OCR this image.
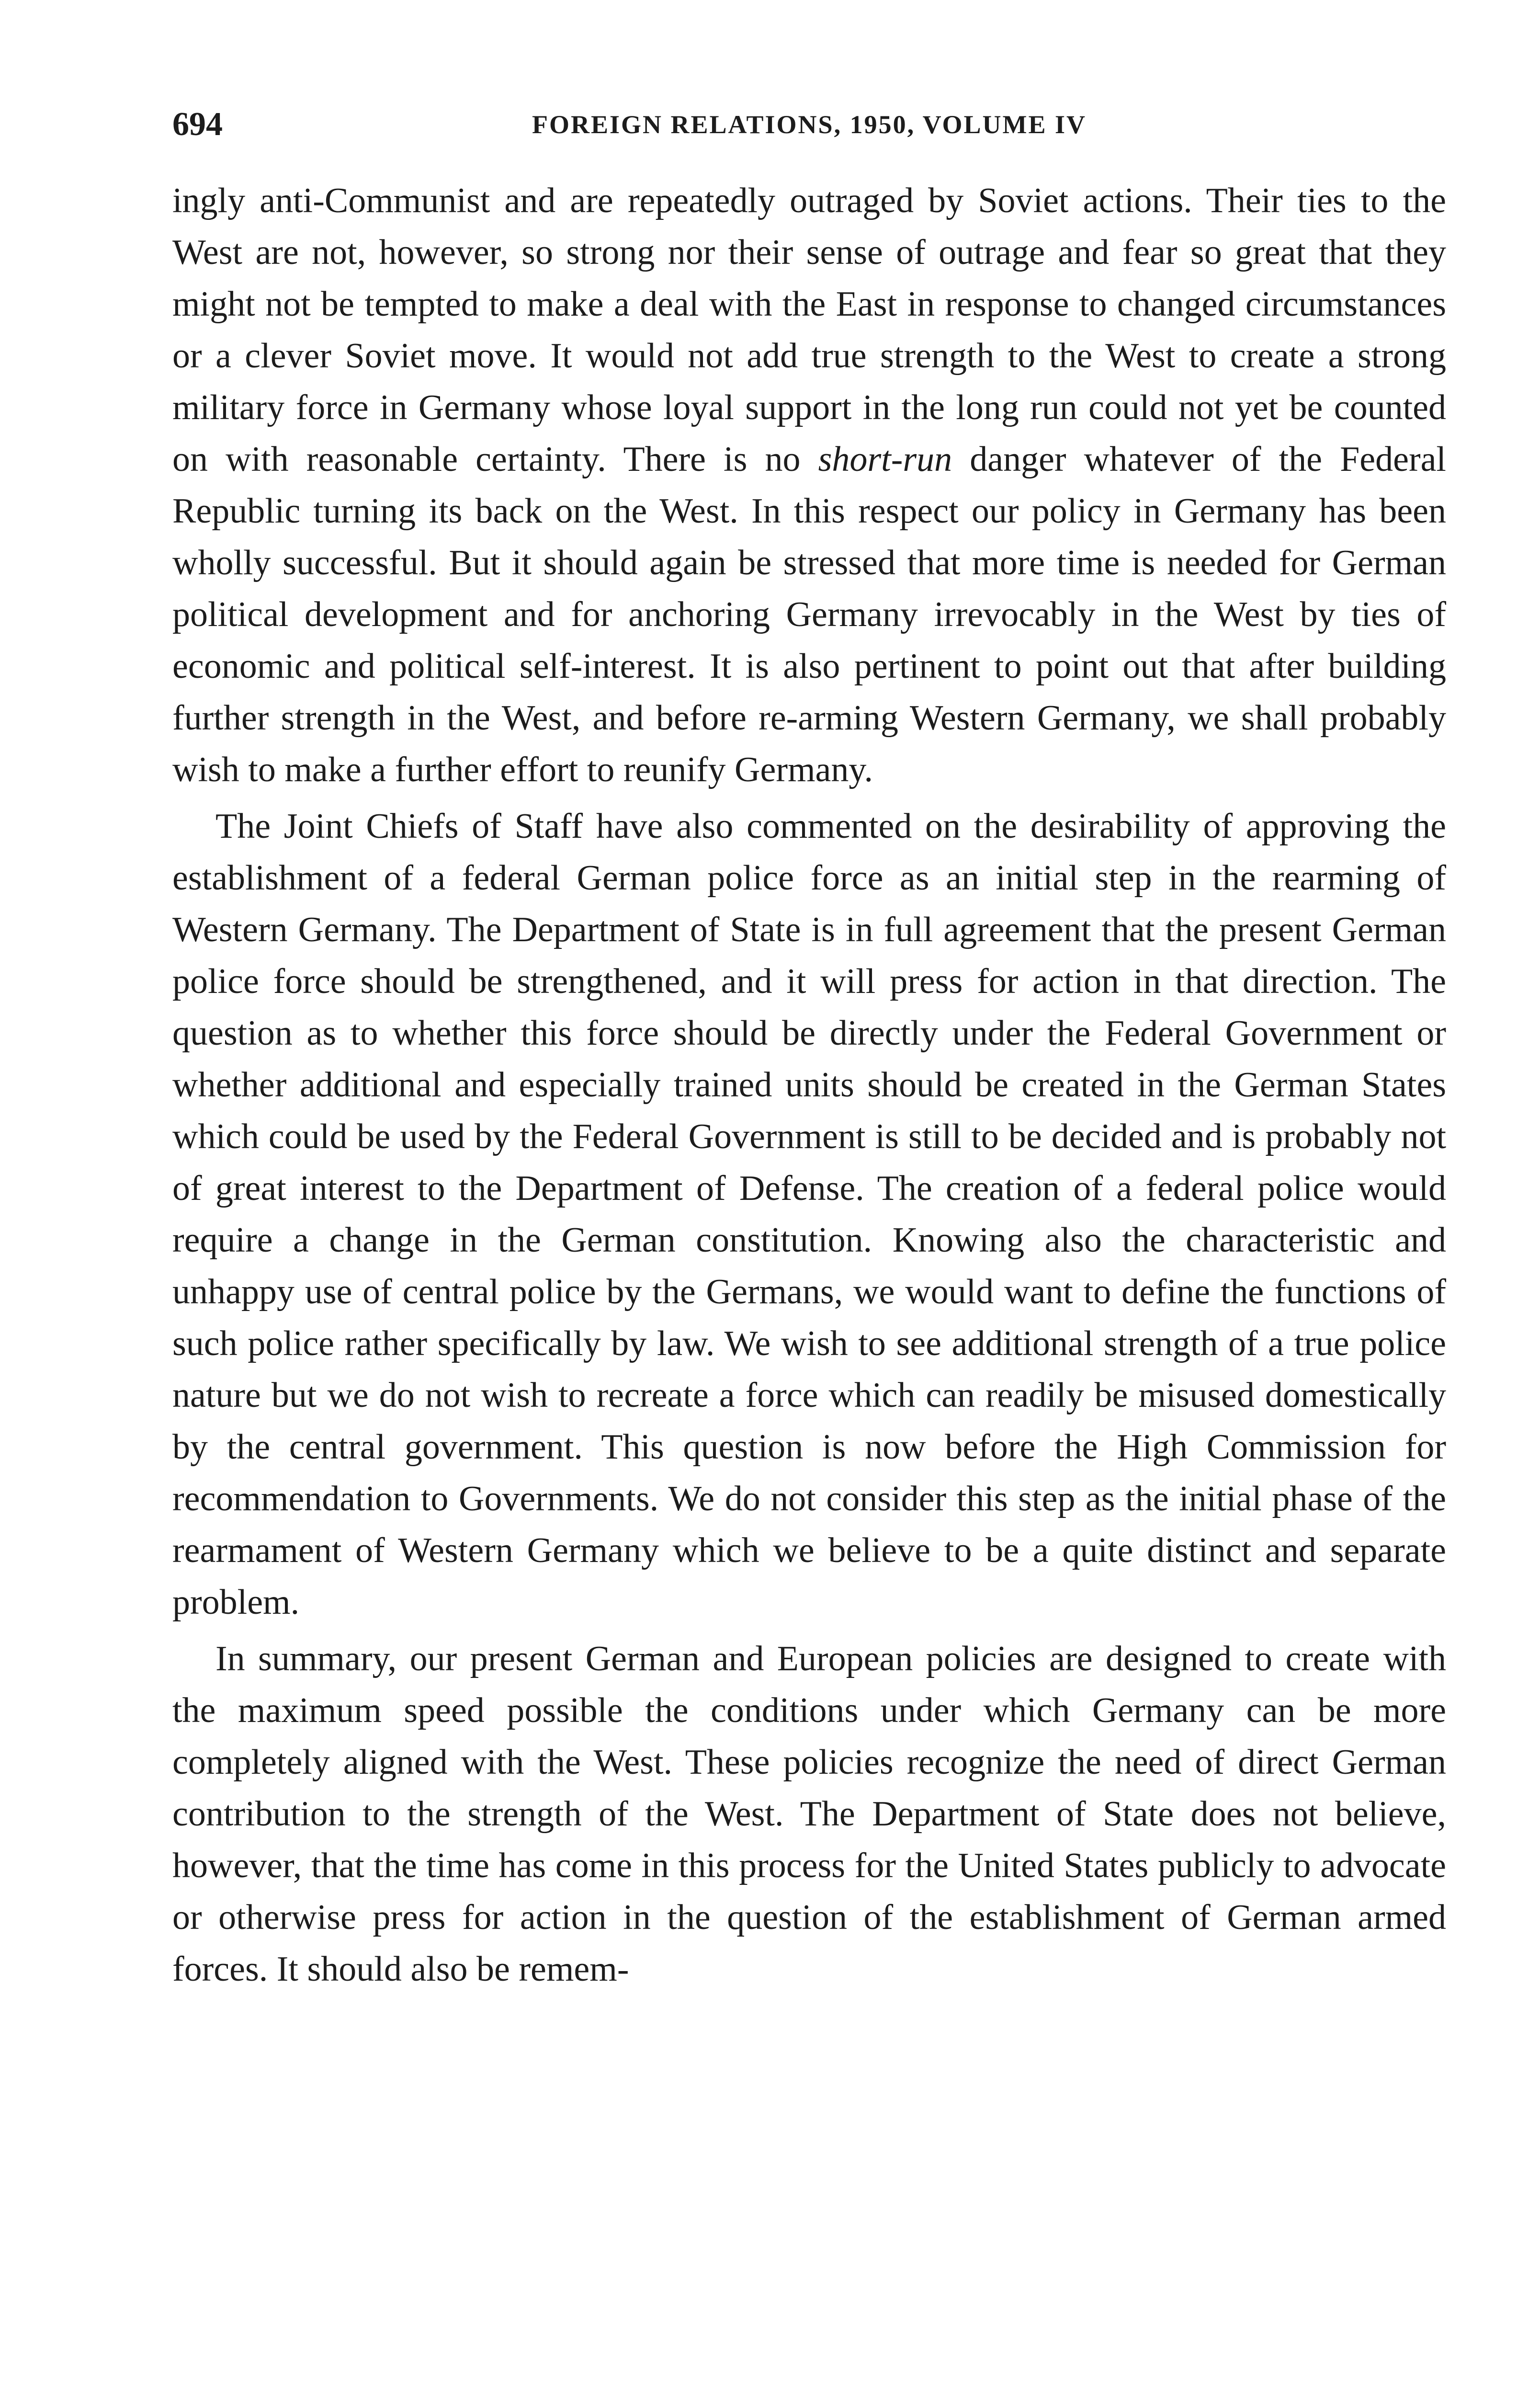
694	FOREIGN RELATIONS, 1950, VOLUME IV

ingly anti-Communist and are repeatedly outraged by Soviet actions. Their ties to the West are not, however, so strong nor their sense of outrage and fear so great that they might not be tempted to make a deal with the East in response to changed circumstances or a clever Soviet move. It would not add true strength to the West to create a strong military force in Germany whose loyal support in the long run could not yet be counted on with reasonable certainty. There is no short-run danger whatever of the Federal Republic turning its back on the West. In this respect our policy in Germany has been wholly successful. But it should again be stressed that more time is needed for German political development and for anchoring Germany irrevocably in the West by ties of economic and political self-interest. It is also pertinent to point out that after building further strength in the West, and before re-arming Western Germany, we shall probably wish to make a further effort to reunify Germany.

The Joint Chiefs of Staff have also commented on the desirability of approving the establishment of a federal German police force as an initial step in the rearming of Western Germany. The Department of State is in full agreement that the present German police force should be strengthened, and it will press for action in that direction. The question as to whether this force should be directly under the Federal Government or whether additional and especially trained units should be created in the German States which could be used by the Federal Government is still to be decided and is probably not of great interest to the Department of Defense. The creation of a federal police would require a change in the German constitution. Knowing also the characteristic and unhappy use of central police by the Germans, we would want to define the functions of such police rather specifically by law. We wish to see additional strength of a true police nature but we do not wish to recreate a force which can readily be misused domestically by the central government. This question is now before the High Commission for recommendation to Governments. We do not consider this step as the initial phase of the rearmament of Western Germany which we believe to be a quite distinct and separate problem.

In summary, our present German and European policies are designed to create with the maximum speed possible the conditions under which Germany can be more completely aligned with the West. These policies recognize the need of direct German contribution to the strength of the West. The Department of State does not believe, however, that the time has come in this process for the United States publicly to advocate or otherwise press for action in the question of the establishment of German armed forces. It should also be remem-
